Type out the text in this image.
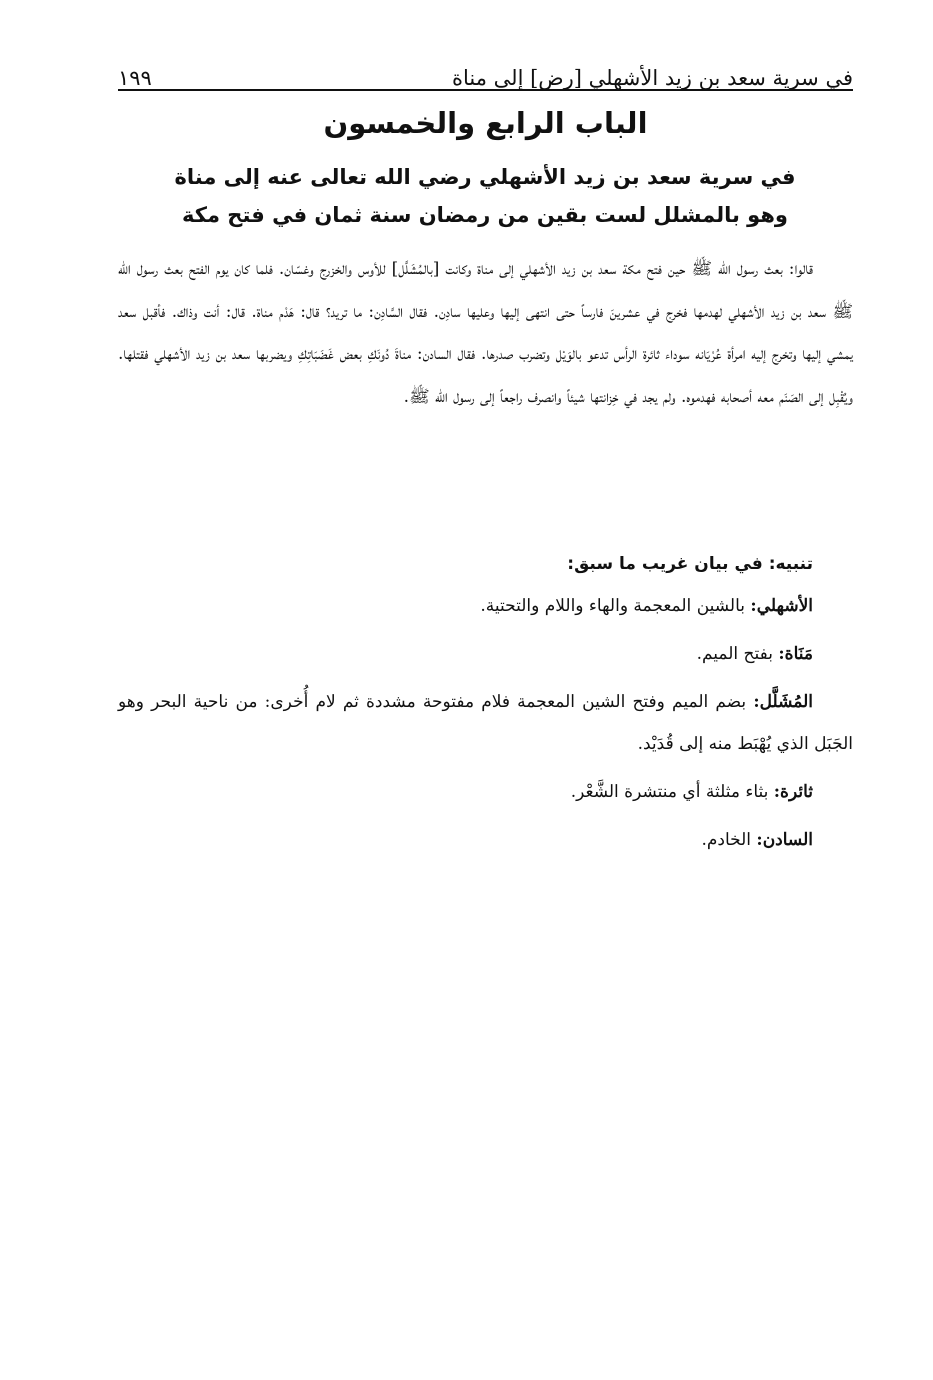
في سرية سعد بن زيد الأشهلي [رض] إلى مناة
١٩٩
الباب الرابع والخمسون
في سرية سعد بن زيد الأشهلي رضي الله تعالى عنه إلى مناة
وهو بالمشلل لست بقين من رمضان سنة ثمان في فتح مكة

قالوا: بعث رسول الله ﷺ حين فتح مكة سعد بن زيد الأشهلي إلى مناة وكانت [بالمُشَلَّل] للأوس والخزرج وغسّان. فلما كان يوم الفتح بعث رسول الله ﷺ سعد بن زيد الأشهلي لهدمها فخرج في عشرينَ فارساً حتى انتهى إليها وعليها سادِن. فقال السَّادِن: ما تريد؟ قال: هَدْم مناة. قال: أنت وذاك. فأقبل سعد يمشي إليها وتخرج إليه امرأة عُرْيَانه سوداء ثائرة الرأس تدعو بالوَيْل وتضرب صدرها. فقال السادن: مناةَ دُونَكِ بعض غَضَبَاتِكِ ويضربها سعد بن زيد الأشهلي فقتلها. ويُقْبِل إلى الصَنَم معه أصحابه فهدموه. ولم يجد في خِزانتها شيئاً وانصرف راجعاً إلى رسول الله ﷺ.

تنبيه: في بيان غريب ما سبق:

الأشهلي: بالشين المعجمة والهاء واللام والتحتية.

مَنَاة: بفتح الميم.

المُشَلَّل: بضم الميم وفتح الشين المعجمة فلام مفتوحة مشددة ثم لام أُخرى: من ناحية البحر وهو الجَبَل الذي يُهْبَط منه إلى قُدَيْد.

ثائرة: بثاء مثلثة أي منتشرة الشَّعْر.

السادن: الخادم.
